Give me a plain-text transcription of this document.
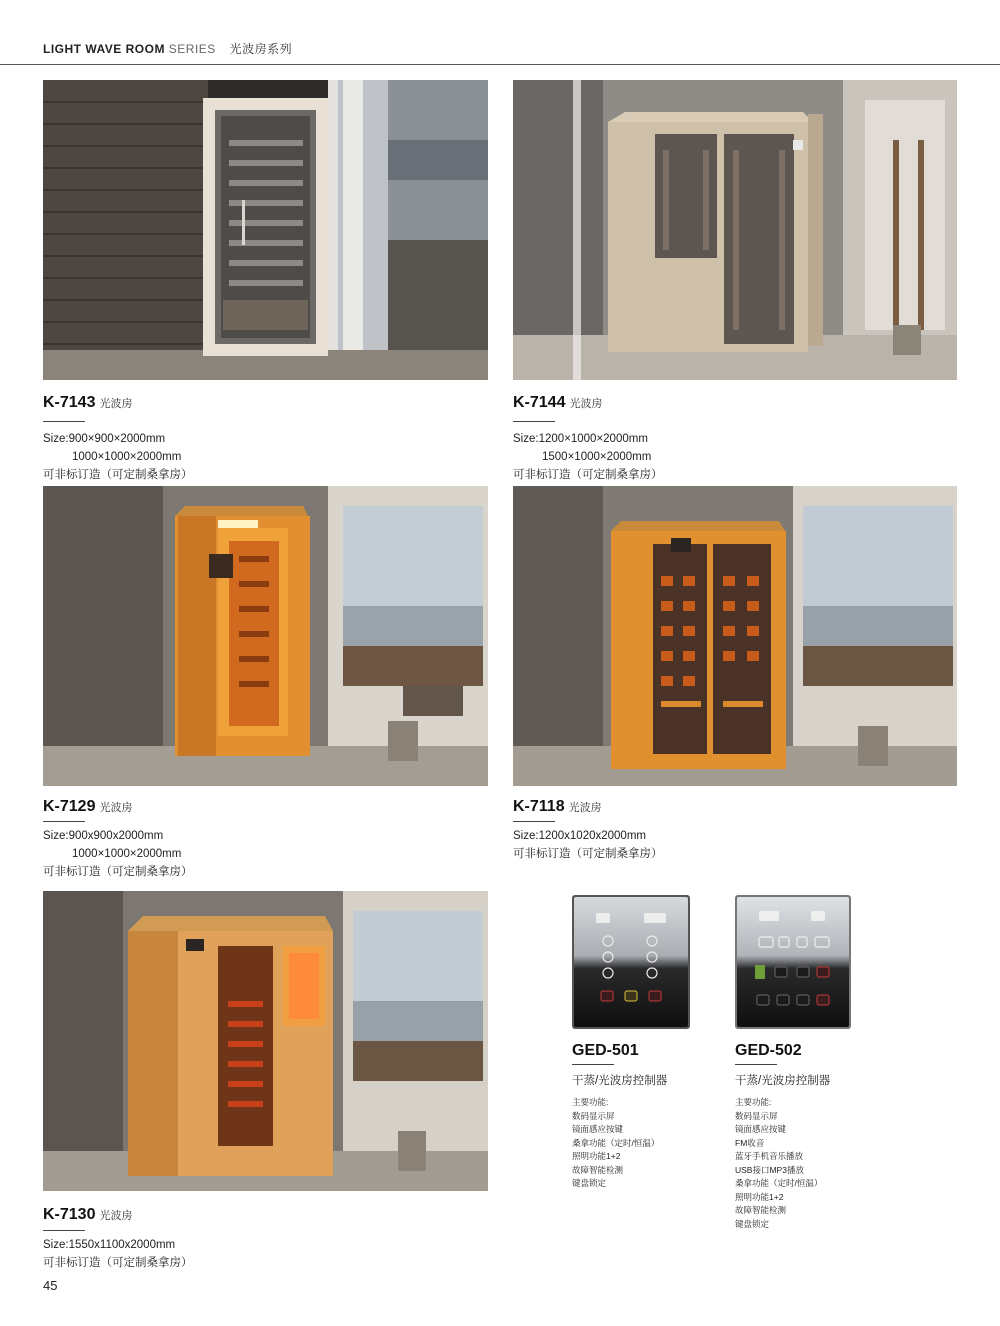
LIGHT WAVE ROOM SERIES 光波房系列
K-7143 光波房
Size:900×900×2000mm
1000×1000×2000mm
可非标订造（可定制桑拿房）
K-7144 光波房
Size:1200×1000×2000mm
1500×1000×2000mm
可非标订造（可定制桑拿房）
K-7129 光波房
Size:900x900x2000mm
1000×1000×2000mm
可非标订造（可定制桑拿房）
K-7118 光波房
Size:1200x1020x2000mm
可非标订造（可定制桑拿房）
K-7130 光波房
Size:1550x1100x2000mm
可非标订造（可定制桑拿房）
GED-501
干蒸/光波房控制器
主要功能:
数码显示屏
镜面感应按键
桑拿功能（定时/恒温）
照明功能1+2
故障智能检测
键盘锁定
GED-502
干蒸/光波房控制器
主要功能:
数码显示屏
镜面感应按键
FM收音
蓝牙手机音乐播放
USB接口MP3播放
桑拿功能（定时/恒温）
照明功能1+2
故障智能检测
键盘锁定
45
